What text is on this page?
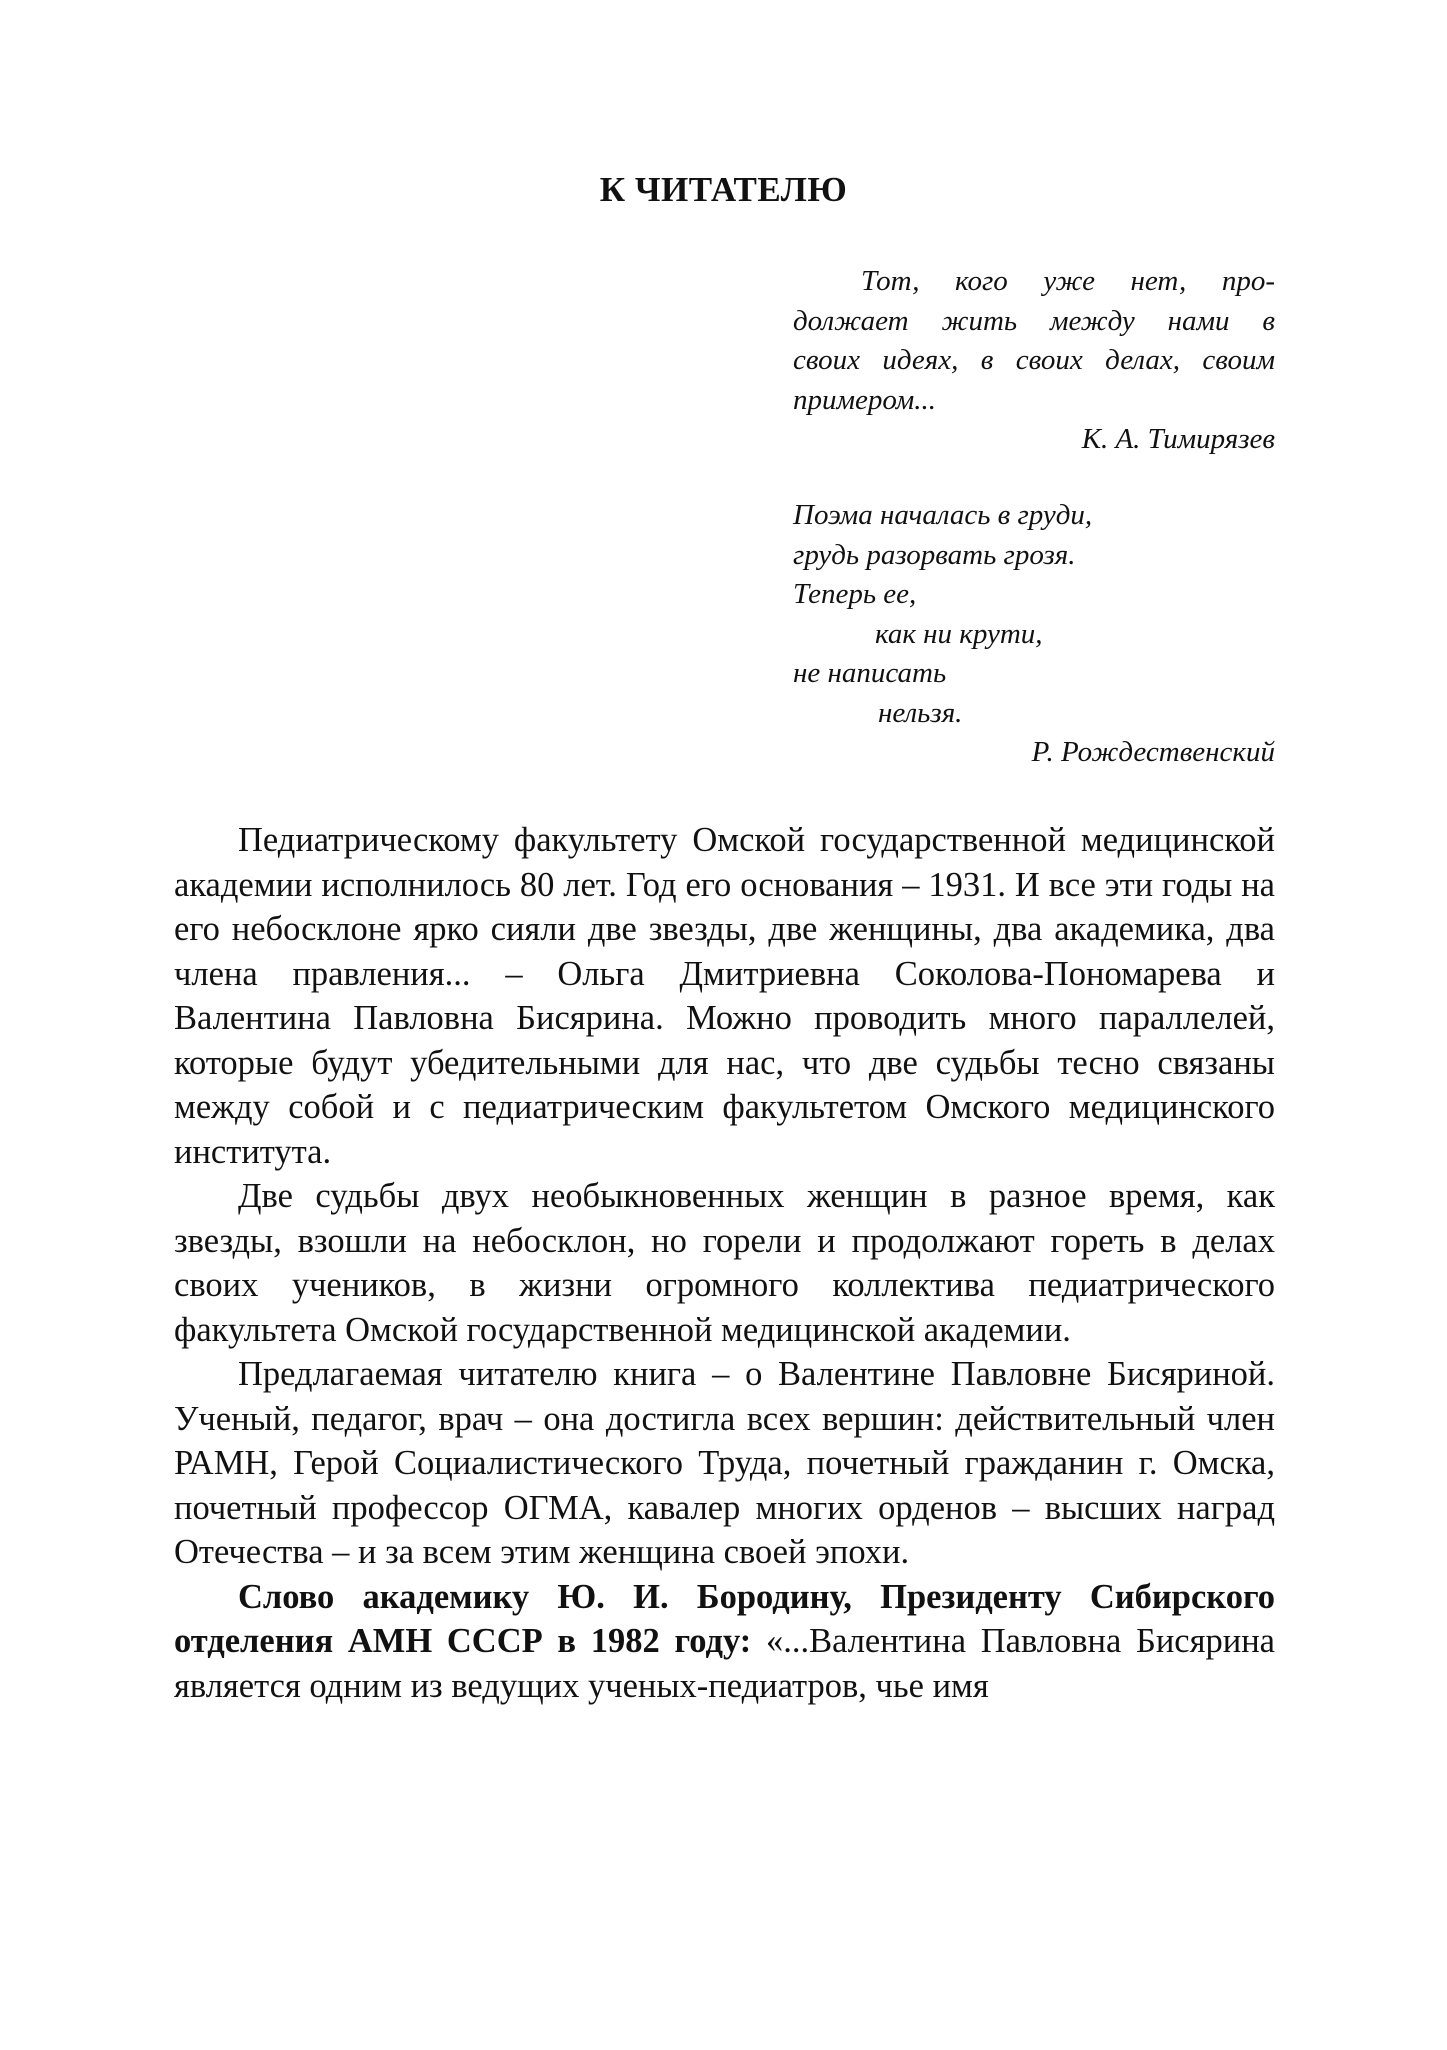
К ЧИТАТЕЛЮ
Тот, кого уже нет, про-
должает жить между нами в
своих идеях, в своих делах, своим
примером...
К. А. Тимирязев
Поэма началась в груди,
грудь разорвать грозя.
Теперь ее,
как ни крути,
не написать
нельзя.
Р. Рождественский

Педиатрическому факультету Омской государственной медицинской академии исполнилось 80 лет. Год его основания – 1931. И все эти годы на его небосклоне ярко сияли две звезды, две женщины, два академика, два члена правления... – Ольга Дмитриевна Соколова-Пономарева и Валентина Павловна Бисярина. Можно проводить много параллелей, которые будут убедительными для нас, что две судьбы тесно связаны между собой и с педиатрическим факультетом Омского медицинского института.

Две судьбы двух необыкновенных женщин в разное время, как звезды, взошли на небосклон, но горели и продолжают гореть в делах своих учеников, в жизни огромного коллектива педиатрического факультета Омской государственной медицинской академии.

Предлагаемая читателю книга – о Валентине Павловне Бисяриной. Ученый, педагог, врач – она достигла всех вершин: действительный член РАМН, Герой Социалистического Труда, почетный гражданин г. Омска, почетный профессор ОГМА, кавалер многих орденов – высших наград Отечества – и за всем этим женщина своей эпохи.

Слово академику Ю. И. Бородину, Президенту Сибирского отделения АМН СССР в 1982 году: «...Валентина Павловна Бисярина является одним из ведущих ученых-педиатров, чье имя
